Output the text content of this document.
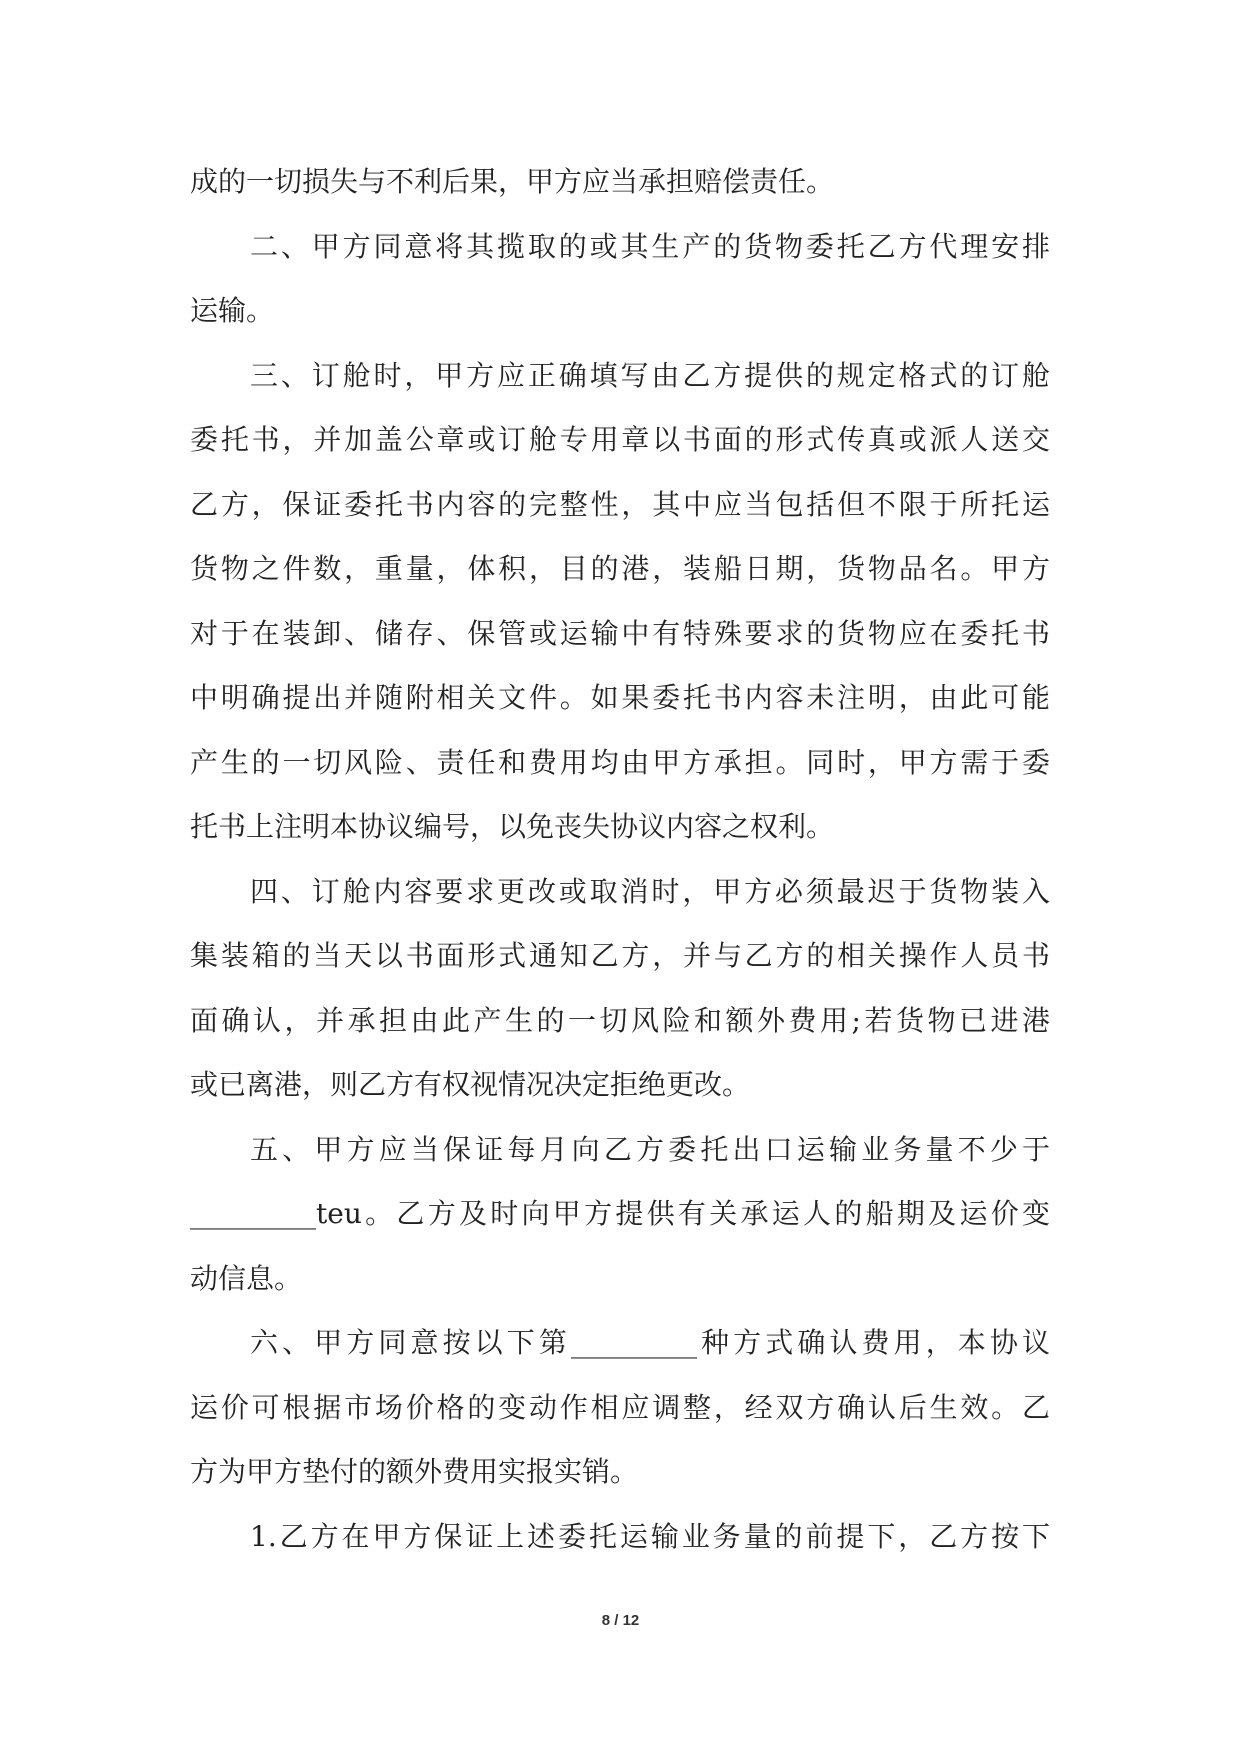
成的一切损失与不利后果，甲方应当承担赔偿责任。
二、甲方同意将其揽取的或其生产的货物委托乙方代理安排
运输。
三、订舱时，甲方应正确填写由乙方提供的规定格式的订舱
委托书，并加盖公章或订舱专用章以书面的形式传真或派人送交
乙方，保证委托书内容的完整性，其中应当包括但不限于所托运
货物之件数，重量，体积，目的港，装船日期，货物品名。甲方
对于在装卸、储存、保管或运输中有特殊要求的货物应在委托书
中明确提出并随附相关文件。如果委托书内容未注明，由此可能
产生的一切风险、责任和费用均由甲方承担。同时，甲方需于委
托书上注明本协议编号，以免丧失协议内容之权利。
四、订舱内容要求更改或取消时，甲方必须最迟于货物装入
集装箱的当天以书面形式通知乙方，并与乙方的相关操作人员书
面确认，并承担由此产生的一切风险和额外费用;若货物已进港
或已离港，则乙方有权视情况决定拒绝更改。
五、甲方应当保证每月向乙方委托出口运输业务量不少于
_________teu。乙方及时向甲方提供有关承运人的船期及运价变
动信息。
六、甲方同意按以下第_________种方式确认费用，本协议
运价可根据市场价格的变动作相应调整，经双方确认后生效。乙
方为甲方垫付的额外费用实报实销。
1.乙方在甲方保证上述委托运输业务量的前提下，乙方按下
8 / 12
